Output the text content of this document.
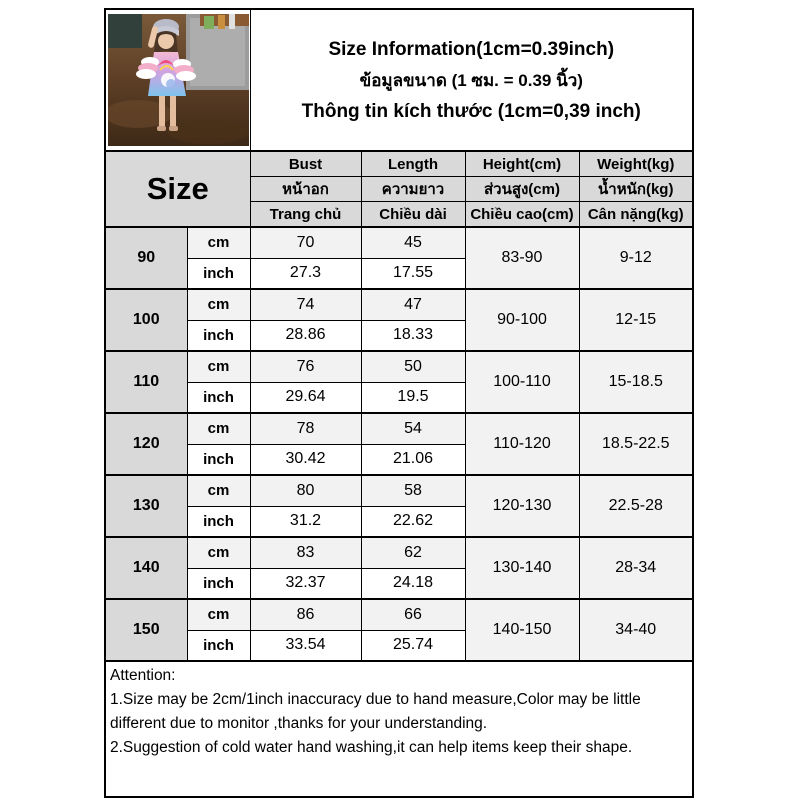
Size Information(1cm=0.39inch)
ข้อมูลขนาด (1 ซม. = 0.39 นิ้ว)
Thông tin kích thước (1cm=0,39 inch)			

Size		Bust	Length	Height(cm)	Weight(kg)
		หน้าอก	ความยาว	ส่วนสูง(cm)	น้ำหนัก(kg)
		Trang chủ	Chiều dài	Chiều cao(cm)	Cân nặng(kg)
90	cm	70	45	83-90	9-12
	inch	27.3	17.55		
100	cm	74	47	90-100	12-15
	inch	28.86	18.33		
110	cm	76	50	100-110	15-18.5
	inch	29.64	19.5		
120	cm	78	54	110-120	18.5-22.5
	inch	30.42	21.06		
130	cm	80	58	120-130	22.5-28
	inch	31.2	22.62		
140	cm	83	62	130-140	28-34
	inch	32.37	24.18		
150	cm	86	66	140-150	34-40
	inch	33.54	25.74		

Attention:
1.Size may be 2cm/1inch inaccuracy due to hand measure,Color may be little different due to monitor ,thanks for your understanding.
2.Suggestion of cold water hand washing,it can help items keep their shape.					
